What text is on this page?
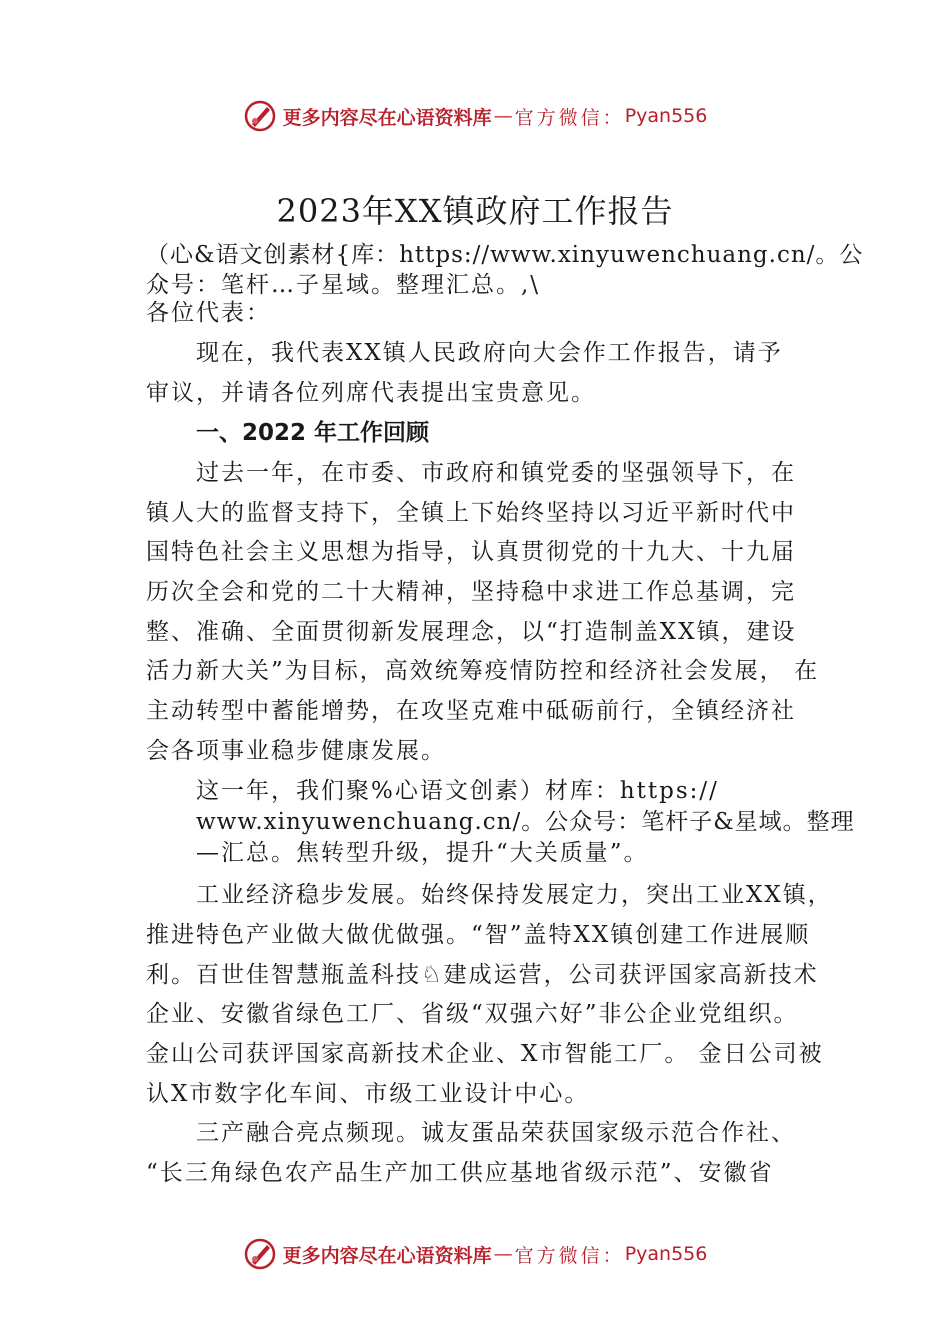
更多内容尽在心语资料库 — 官方微信： Pyan556
2023年XX镇政府工作报告
（心&语文创素材{库：https://www.xinyuwenchuang.cn/。公
众号：笔杆…子星域。整理汇总。,\
各位代表：
现在，我代表XX镇人民政府向大会作工作报告，请予
审议，并请各位列席代表提出宝贵意见。
一、2022 年工作回顾
过去一年，在市委、市政府和镇党委的坚强领导下，在
镇人大的监督支持下，全镇上下始终坚持以习近平新时代中
国特色社会主义思想为指导，认真贯彻党的十九大、十九届
历次全会和党的二十大精神，坚持稳中求进工作总基调，完
整、准确、全面贯彻新发展理念，以“打造制盖XX镇，建设
活力新大关”为目标，高效统筹疫情防控和经济社会发展， 在
主动转型中蓄能增势，在攻坚克难中砥砺前行，全镇经济社
会各项事业稳步健康发展。
这一年，我们聚%心语文创素）材库：https://
www.xinyuwenchuang.cn/。公众号：笔杆子&星域。整理
—汇总。焦转型升级，提升“大关质量”。
工业经济稳步发展。始终保持发展定力，突出工业XX镇，
推进特色产业做大做优做强。“智”盖特XX镇创建工作进展顺
利。百世佳智慧瓶盖科技♘建成运营，公司获评国家高新技术
企业、安徽省绿色工厂、省级“双强六好”非公企业党组织。
金山公司获评国家高新技术企业、X市智能工厂。 金日公司被
认X市数字化车间、市级工业设计中心。
三产融合亮点频现。诚友蛋品荣获国家级示范合作社、
“长三角绿色农产品生产加工供应基地省级示范”、安徽省
更多内容尽在心语资料库 — 官方微信： Pyan556
